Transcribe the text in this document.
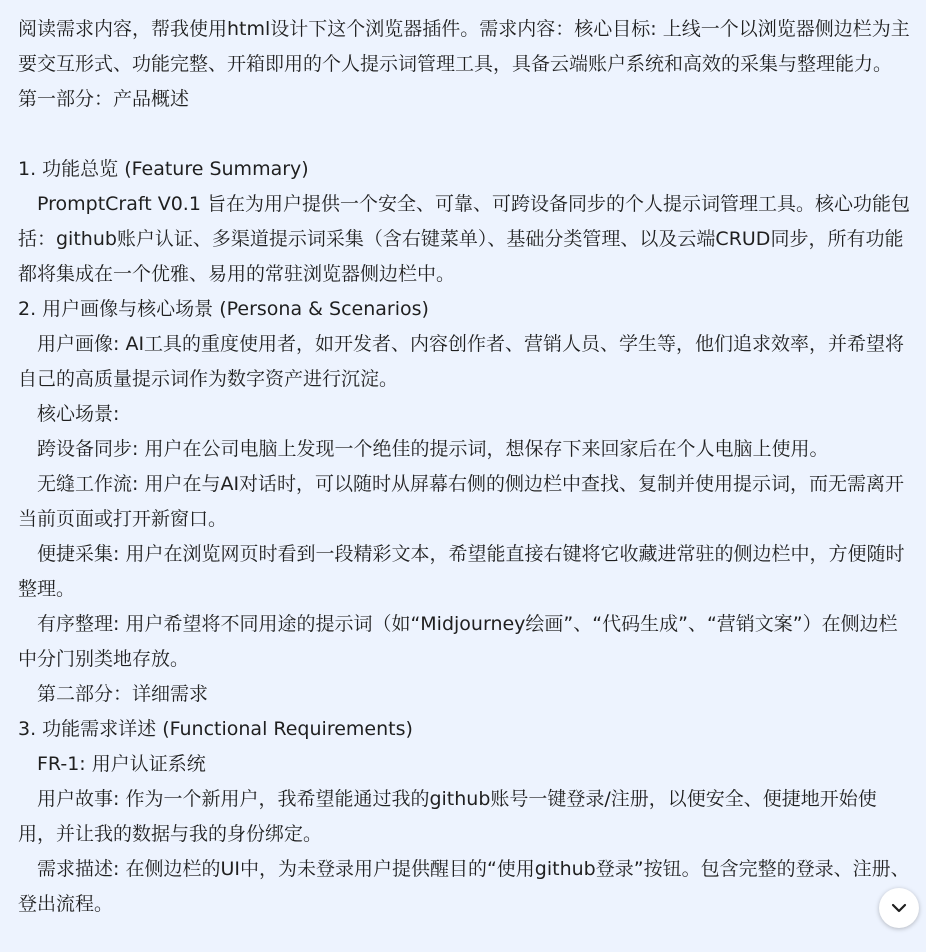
阅读需求内容，帮我使用html设计下这个浏览器插件。需求内容：核心目标: 上线一个以浏览器侧边栏为主要交互形式、功能完整、开箱即用的个人提示词管理工具，具备云端账户系统和高效的采集与整理能力。

第一部分：产品概述

1. 功能总览 (Feature Summary)

PromptCraft V0.1 旨在为用户提供一个安全、可靠、可跨设备同步的个人提示词管理工具。核心功能包括：github账户认证、多渠道提示词采集（含右键菜单）、基础分类管理、以及云端CRUD同步，所有功能都将集成在一个优雅、易用的常驻浏览器侧边栏中。

2. 用户画像与核心场景 (Persona & Scenarios)

用户画像: AI工具的重度使用者，如开发者、内容创作者、营销人员、学生等，他们追求效率，并希望将自己的高质量提示词作为数字资产进行沉淀。

核心场景:

跨设备同步: 用户在公司电脑上发现一个绝佳的提示词，想保存下来回家后在个人电脑上使用。

无缝工作流: 用户在与AI对话时，可以随时从屏幕右侧的侧边栏中查找、复制并使用提示词，而无需离开当前页面或打开新窗口。

便捷采集: 用户在浏览网页时看到一段精彩文本，希望能直接右键将它收藏进常驻的侧边栏中，方便随时整理。

有序整理: 用户希望将不同用途的提示词（如“Midjourney绘画”、“代码生成”、“营销文案”）在侧边栏中分门别类地存放。

第二部分：详细需求

3. 功能需求详述 (Functional Requirements)

FR-1: 用户认证系统

用户故事: 作为一个新用户，我希望能通过我的github账号一键登录/注册，以便安全、便捷地开始使用，并让我的数据与我的身份绑定。

需求描述: 在侧边栏的UI中，为未登录用户提供醒目的“使用github登录”按钮。包含完整的登录、注册、登出流程。
